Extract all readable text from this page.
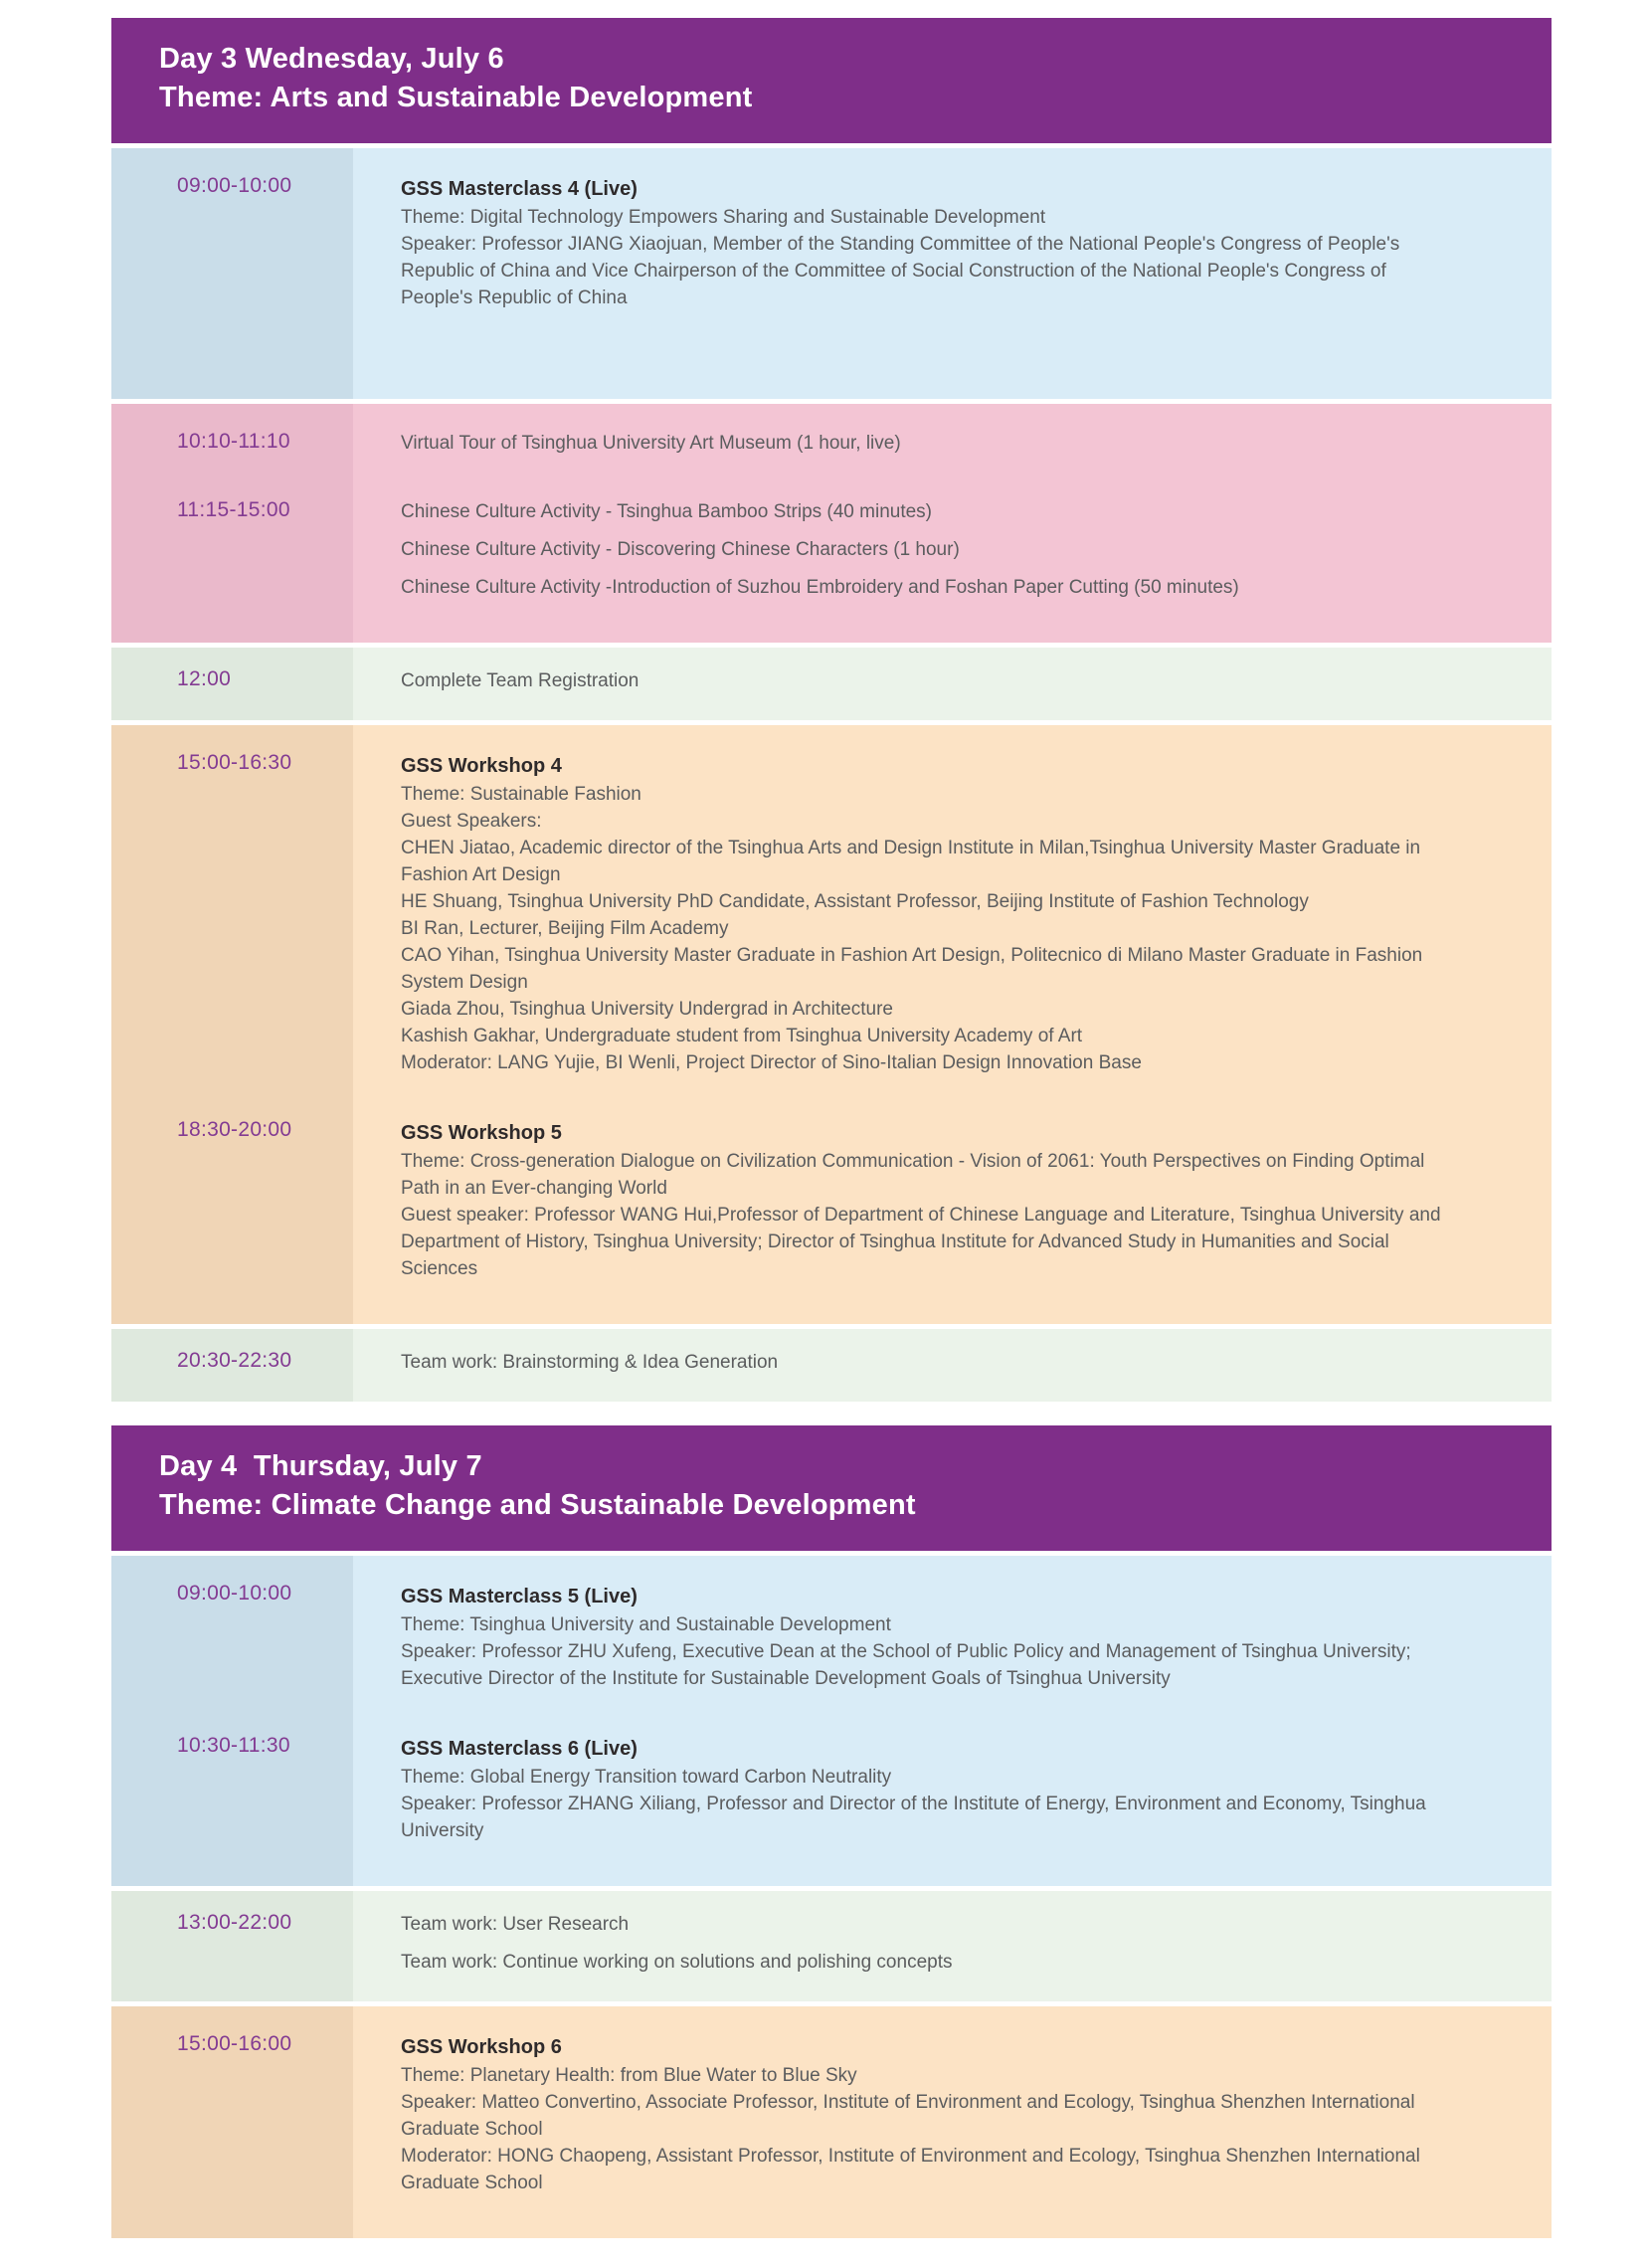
Day 3 Wednesday, July 6
Theme: Arts and Sustainable Development
09:00-10:00	GSS Masterclass 4 (Live)
Theme: Digital Technology Empowers Sharing and Sustainable Development
Speaker: Professor JIANG Xiaojuan, Member of the Standing Committee of the National People's Congress of People's Republic of China and Vice Chairperson of the Committee of Social Construction of the National People's Congress of People's Republic of China
10:10-11:10	Virtual Tour of Tsinghua University Art Museum (1 hour, live)
11:15-15:00	Chinese Culture Activity - Tsinghua Bamboo Strips (40 minutes)
Chinese Culture Activity - Discovering Chinese Characters (1 hour)
Chinese Culture Activity -Introduction of Suzhou Embroidery and Foshan Paper Cutting (50 minutes)
12:00	Complete Team Registration
15:00-16:30	GSS Workshop 4
Theme: Sustainable Fashion
Guest Speakers:
CHEN Jiatao, Academic director of the Tsinghua Arts and Design Institute in Milan,Tsinghua University Master Graduate in Fashion Art Design
HE Shuang, Tsinghua University PhD Candidate, Assistant Professor, Beijing Institute of Fashion Technology
BI Ran, Lecturer, Beijing Film Academy
CAO Yihan, Tsinghua University Master Graduate in Fashion Art Design, Politecnico di Milano Master Graduate in Fashion System Design
Giada Zhou, Tsinghua University Undergrad in Architecture
Kashish Gakhar, Undergraduate student from Tsinghua University Academy of Art
Moderator: LANG Yujie, BI Wenli, Project Director of Sino-Italian Design Innovation Base
18:30-20:00	GSS Workshop 5
Theme: Cross-generation Dialogue on Civilization Communication - Vision of 2061: Youth Perspectives on Finding Optimal Path in an Ever-changing World
Guest speaker: Professor WANG Hui,Professor of Department of Chinese Language and Literature, Tsinghua University and Department of History, Tsinghua University; Director of Tsinghua Institute for Advanced Study in Humanities and Social Sciences
20:30-22:30	Team work: Brainstorming & Idea Generation
Day 4  Thursday, July 7
Theme: Climate Change and Sustainable Development
09:00-10:00	GSS Masterclass 5 (Live)
Theme: Tsinghua University and Sustainable Development
Speaker: Professor ZHU Xufeng, Executive Dean at the School of Public Policy and Management of Tsinghua University; Executive Director of the Institute for Sustainable Development Goals of Tsinghua University
10:30-11:30	GSS Masterclass 6 (Live)
Theme: Global Energy Transition toward Carbon Neutrality
Speaker: Professor ZHANG Xiliang, Professor and Director of the Institute of Energy, Environment and Economy, Tsinghua University
13:00-22:00	Team work: User Research
Team work: Continue working on solutions and polishing concepts
15:00-16:00	GSS Workshop 6
Theme: Planetary Health: from Blue Water to Blue Sky
Speaker: Matteo Convertino, Associate Professor, Institute of Environment and Ecology, Tsinghua Shenzhen International Graduate School
Moderator: HONG Chaopeng, Assistant Professor, Institute of Environment and Ecology, Tsinghua Shenzhen International Graduate School
